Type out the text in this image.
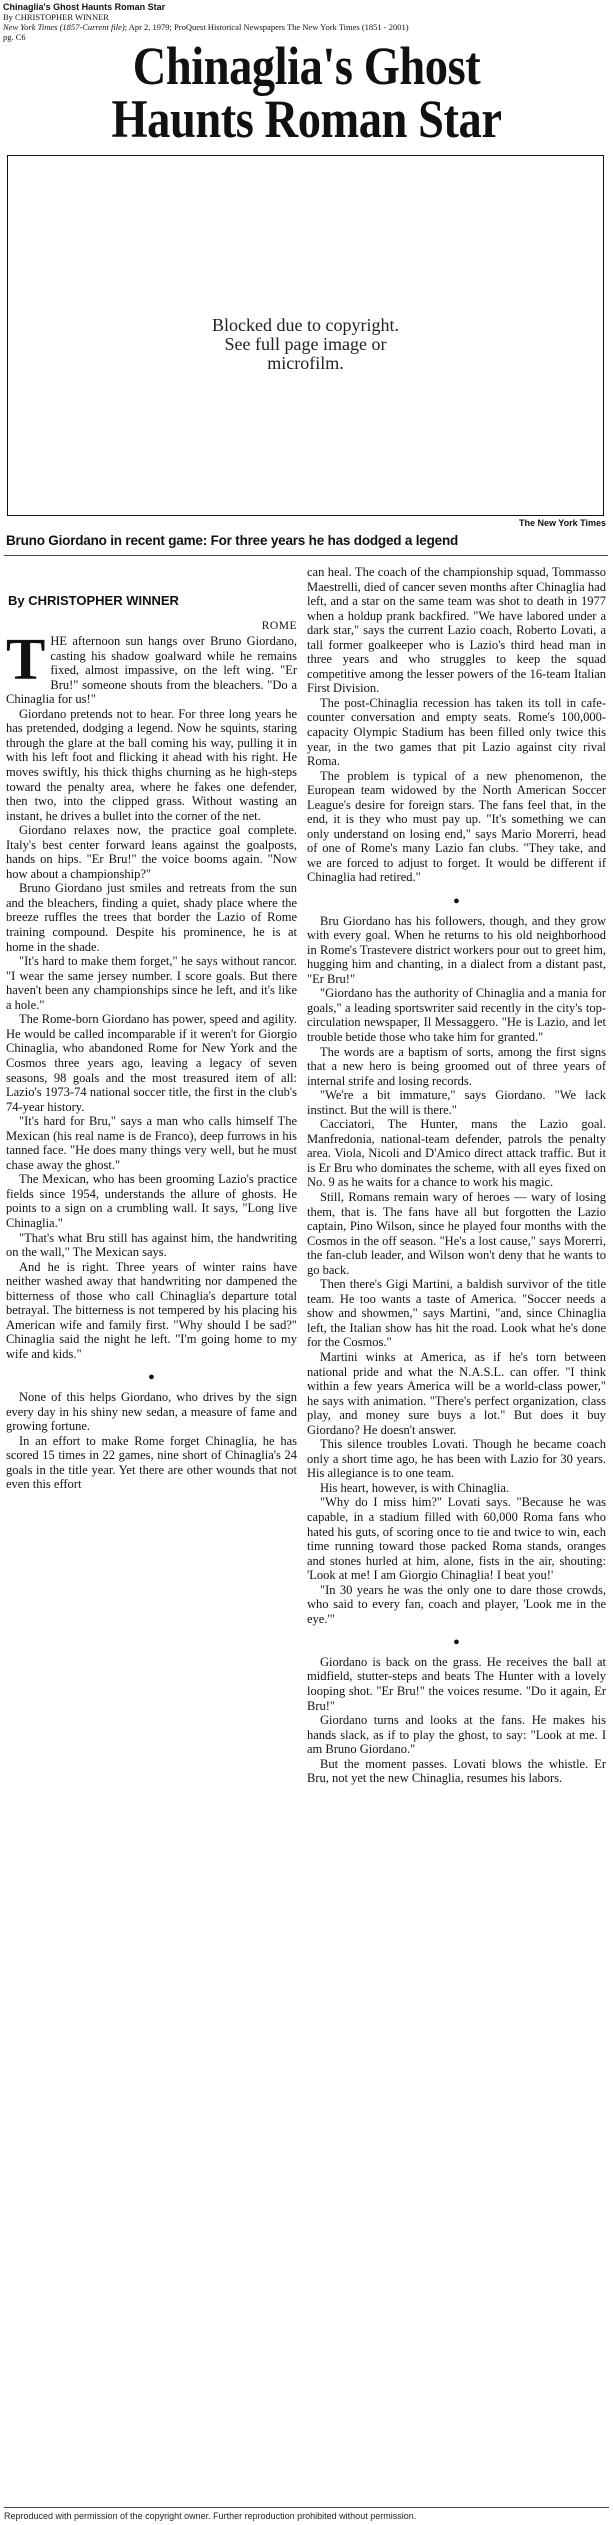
Chinaglia's Ghost Haunts Roman Star
By CHRISTOPHER WINNER
New York Times (1857-Current file); Apr 2, 1979; ProQuest Historical Newspapers The New York Times (1851 - 2001)
pg. C6	Chinaglia's Ghost
Haunts Roman Star
Blocked due to copyright.
See full page image or
microfilm.
The New York Times
Bruno Giordano in recent game: For three years he has dodged a legend

By CHRISTOPHER WINNER

ROME

THE afternoon sun hangs over Bruno Giordano, casting his shadow goalward while he remains fixed, almost impassive, on the left wing. "Er Bru!" someone shouts from the bleachers. "Do a Chinaglia for us!"

Giordano pretends not to hear. For three long years he has pretended, dodging a legend. Now he squints, staring through the glare at the ball coming his way, pulling it in with his left foot and flicking it ahead with his right. He moves swiftly, his thick thighs churning as he high-steps toward the penalty area, where he fakes one defender, then two, into the clipped grass. Without wasting an instant, he drives a bullet into the corner of the net.

Giordano relaxes now, the practice goal complete. Italy's best center forward leans against the goalposts, hands on hips. "Er Bru!" the voice booms again. "Now how about a championship?"

Bruno Giordano just smiles and retreats from the sun and the bleachers, finding a quiet, shady place where the breeze ruffles the trees that border the Lazio of Rome training compound. Despite his prominence, he is at home in the shade.

"It's hard to make them forget," he says without rancor. "I wear the same jersey number. I score goals. But there haven't been any championships since he left, and it's like a hole."

The Rome-born Giordano has power, speed and agility. He would be called incomparable if it weren't for Giorgio Chinaglia, who abandoned Rome for New York and the Cosmos three years ago, leaving a legacy of seven seasons, 98 goals and the most treasured item of all: Lazio's 1973-74 national soccer title, the first in the club's 74-year history.

"It's hard for Bru," says a man who calls himself The Mexican (his real name is de Franco), deep furrows in his tanned face. "He does many things very well, but he must chase away the ghost."

The Mexican, who has been grooming Lazio's practice fields since 1954, understands the allure of ghosts. He points to a sign on a crumbling wall. It says, "Long live Chinaglia."

"That's what Bru still has against him, the handwriting on the wall," The Mexican says.

And he is right. Three years of winter rains have neither washed away that handwriting nor dampened the bitterness of those who call Chinaglia's departure total betrayal. The bitterness is not tempered by his placing his American wife and family first. "Why should I be sad?" Chinaglia said the night he left. "I'm going home to my wife and kids."

●

None of this helps Giordano, who drives by the sign every day in his shiny new sedan, a measure of fame and growing fortune.

In an effort to make Rome forget Chinaglia, he has scored 15 times in 22 games, nine short of Chinaglia's 24 goals in the title year. Yet there are other wounds that not even this effort

can heal. The coach of the championship squad, Tommasso Maestrelli, died of cancer seven months after Chinaglia had left, and a star on the same team was shot to death in 1977 when a holdup prank backfired. "We have labored under a dark star," says the current Lazio coach, Roberto Lovati, a tall former goalkeeper who is Lazio's third head man in three years and who struggles to keep the squad competitive among the lesser powers of the 16-team Italian First Division.

The post-Chinaglia recession has taken its toll in cafe-counter conversation and empty seats. Rome's 100,000-capacity Olympic Stadium has been filled only twice this year, in the two games that pit Lazio against city rival Roma.

The problem is typical of a new phenomenon, the European team widowed by the North American Soccer League's desire for foreign stars. The fans feel that, in the end, it is they who must pay up. "It's something we can only understand on losing end," says Mario Morerri, head of one of Rome's many Lazio fan clubs. "They take, and we are forced to adjust to forget. It would be different if Chinaglia had retired."

●

Bru Giordano has his followers, though, and they grow with every goal. When he returns to his old neighborhood in Rome's Trastevere district workers pour out to greet him, hugging him and chanting, in a dialect from a distant past, "Er Bru!"

"Giordano has the authority of Chinaglia and a mania for goals," a leading sportswriter said recently in the city's top-circulation newspaper, Il Messaggero. "He is Lazio, and let trouble betide those who take him for granted."

The words are a baptism of sorts, among the first signs that a new hero is being groomed out of three years of internal strife and losing records.

"We're a bit immature," says Giordano. "We lack instinct. But the will is there."

Cacciatori, The Hunter, mans the Lazio goal. Manfredonia, national-team defender, patrols the penalty area. Viola, Nicoli and D'Amico direct attack traffic. But it is Er Bru who dominates the scheme, with all eyes fixed on No. 9 as he waits for a chance to work his magic.

Still, Romans remain wary of heroes — wary of losing them, that is. The fans have all but forgotten the Lazio captain, Pino Wilson, since he played four months with the Cosmos in the off season. "He's a lost cause," says Morerri, the fan-club leader, and Wilson won't deny that he wants to go back.

Then there's Gigi Martini, a baldish survivor of the title team. He too wants a taste of America. "Soccer needs a show and showmen," says Martini, "and, since Chinaglia left, the Italian show has hit the road. Look what he's done for the Cosmos."

Martini winks at America, as if he's torn between national pride and what the N.A.S.L. can offer. "I think within a few years America will be a world-class power," he says with animation. "There's perfect organization, class play, and money sure buys a lot." But does it buy Giordano? He doesn't answer.

This silence troubles Lovati. Though he became coach only a short time ago, he has been with Lazio for 30 years. His allegiance is to one team.

His heart, however, is with Chinaglia.

"Why do I miss him?" Lovati says. "Because he was capable, in a stadium filled with 60,000 Roma fans who hated his guts, of scoring once to tie and twice to win, each time running toward those packed Roma stands, oranges and stones hurled at him, alone, fists in the air, shouting: 'Look at me! I am Giorgio Chinaglia! I beat you!'

"In 30 years he was the only one to dare those crowds, who said to every fan, coach and player, 'Look me in the eye.'"

●

Giordano is back on the grass. He receives the ball at midfield, stutter-steps and beats The Hunter with a lovely looping shot. "Er Bru!" the voices resume. "Do it again, Er Bru!"

Giordano turns and looks at the fans. He makes his hands slack, as if to play the ghost, to say: "Look at me. I am Bruno Giordano."

But the moment passes. Lovati blows the whistle. Er Bru, not yet the new Chinaglia, resumes his labors.

Reproduced with permission of the copyright owner. Further reproduction prohibited without permission.
